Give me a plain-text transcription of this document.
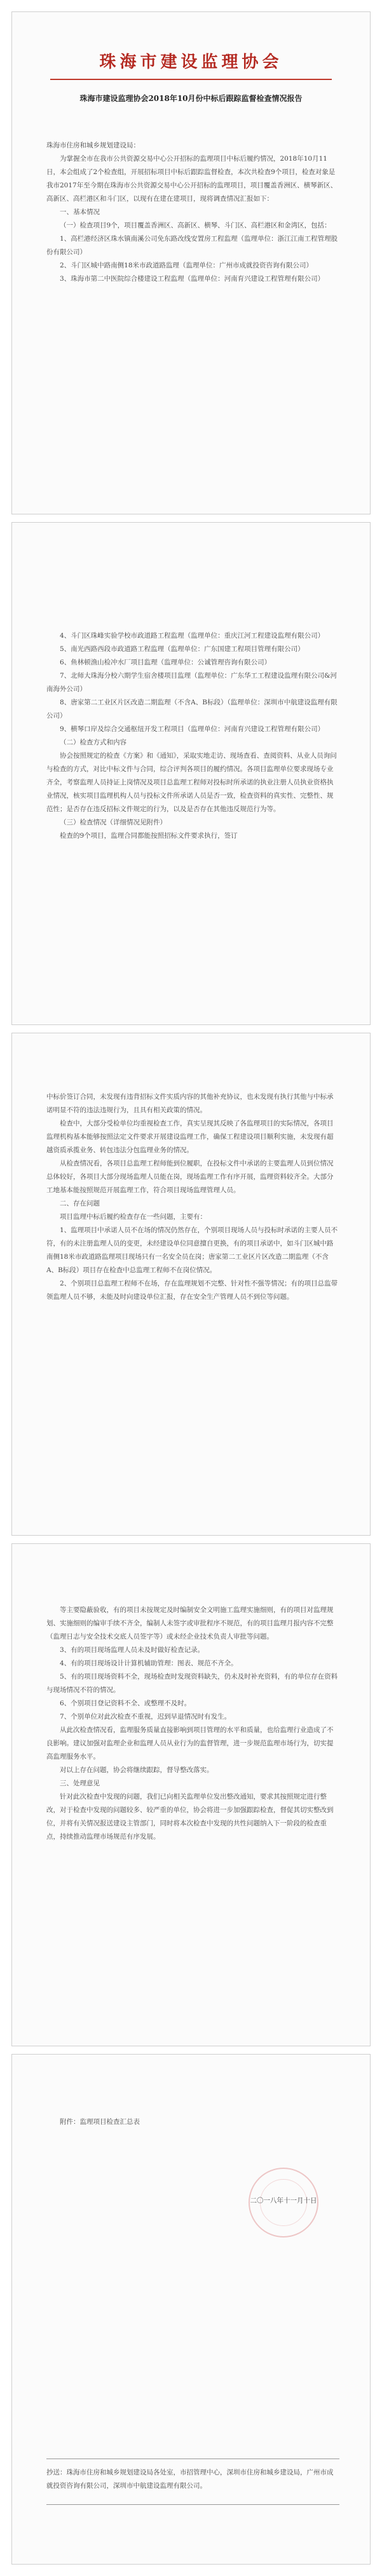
珠海市建设监理协会
珠海市建设监理协会2018年10月份中标后跟踪监督检查情况报告

珠海市住房和城乡规划建设局：

为掌握全市在我市公共资源交易中心公开招标的监理项目中标后履约情况，2018年10月11日，本会组成了2个检查组，开展招标项目中标后跟踪监督检查，本次共检查9个项目，检查对象是我市2017年至今期在珠海市公共资源交易中心公开招标的监理项目，项目覆盖香洲区、横琴新区、高新区、高栏港区和斗门区，以现有在建在建项目，现将调查情况汇报如下：

一、基本情况

（一）检查项目9个，项目覆盖香洲区、高新区、横琴、斗门区、高栏港区和金湾区，包括：

1、高栏港经济区珠水镇南溪公司免东路改线安置房工程监理（监理单位：浙江江南工程管理股份有限公司）

2、斗门区城中路南侧18米市政道路监理（监理单位：广州市成就投资咨询有限公司）

3、珠海市第二中医院综合楼建设工程监理（监理单位：河南育兴建设工程管理有限公司）

4、斗门区珠峰实验学校市政道路工程监理（监理单位：重庆江河工程建设监理有限公司）

5、南光西路西段市政道路工程监理（监理单位：广东国建工程项目管理有限公司）

6、鱼林顿渔山检冲水厂项目监理（监理单位：公诚管理咨询有限公司）

7、北师大珠海分校六期学生宿舍楼项目监理（监理单位：广东华工工程建设监理有限公司&河南海外公司）

8、唐家第二工业区片区改造二期监理（不含A、B标段）（监理单位：深圳市中航建设监理有限公司）

9、横琴口岸及综合交通枢纽开发工程项目（监理单位：河南育兴建设工程管理有限公司）

（二）检查方式和内容

协会按照规定的检查《方案》和《通知》，采取实地走访、现场查看、查阅资料、从业人员询问与检查的方式，对比中标文件与合同，综合评判各项目的履约情况。各项目监理单位要求现场专业齐全，考察监理人员持证上岗情况及项目总监理工程师对投标时所承诺的执业注册人员执业资格执业情况，核实项目监理机构人员与投标文件所承诺人员是否一致，检查资料的真实性、完整性、规范性；是否存在违反招标文件规定的行为，以及是否存在其他违反规范行为等。

（三）检查情况（详细情况见附件）

检查的9个项目，监理合同都能按照招标文件要求执行，签订

中标价签订合同，未发现有违背招标文件实质内容的其他补充协议，也未发现有执行其他与中标承诺明显不符的违法违规行为，且具有相关政策的情况。

检查中，大部分受检单位均重视检查工作，真实呈现其反映了各监理项目的实际情况，各项目监理机构基本能够按照法定文件要求开展建设监理工作，确保工程建设项目顺利实施，未发现有超越资质承揽业务、转包违法分包监理业务的情况。

从检查情况看，各项目总监理工程师能到位履职，在投标文件中承诺的主要监理人员到位情况总体较好，各项目大部分现场监理人员能在岗，现场监理工作有序开展，监理资料较齐全。大部分工地基本能按照规范开展监理工作，符合项目现场监理管理人员。

二、存在问题

项目监理中标后履约检查存在一些问题，主要有：

1、监理项目中承诺人员不在场的情况仍然存在，个别项目现场人员与投标时承诺的主要人员不符，有的未注册监理人员的变更，未经建设单位同意擅自更换，有的项目承诺中，如斗门区城中路南侧18米市政道路监理项目现场只有一名安全员在岗；唐家第二工业区片区改造二期监理（不含A、B标段）项目存在检查中总监理工程师不在岗位情况。

2、个别项目总监理工程师不在场，存在监理规划不完整、针对性不强等情况；有的项目总监带领监理人员不够，未能及时向建设单位汇报，存在安全生产管理人员不到位等问题。

等主要隐蔽验收，有的项目未按规定及时编制安全文明施工监理实施细则，有的项目对监理规划、实施细则的编审手续不齐全，编制人未签字或审批程序不规范，有的项目监理月报内容不完整（监理日志与安全技术交底人员签字等）或未经企业技术负责人审批等问题。

3、有的项目现场监理人员未及时做好检查记录。

4、有的项目现场设计计算机辅助管理：图表、规范不齐全。

5、有的项目现场资料不全，现场检查时发现资料缺失，仍未及时补充资料，有的单位存在资料与现场情况不符的情况。

6、个别项目登记资料不全、或整理不及时。

7、个别单位对此次检查不重视，迟到早退情况时有发生。

从此次检查情况看，监理服务质量直接影响到项目管理的水平和质量，也给监理行业造成了不良影响。建议加强对监理企业和监理人员从业行为的监督管理，进一步规范监理市场行为，切实提高监理服务水平。

对以上存在问题，协会将继续跟踪，督导整改落实。

三、处理意见

针对此次检查中发现的问题，我们已向相关监理单位发出整改通知，要求其按照规定进行整改，对于检查中发现的问题较多、较严重的单位，协会将进一步加强跟踪检查，督促其切实整改到位，并将有关情况报送建设主管部门，同时将本次检查中发现的共性问题纳入下一阶段的检查重点，持续推动监理市场规范有序发展。

附件：监理项目检查汇总表

二〇一八年十一月十日

抄送：珠海市住房和城乡规划建设局各处室，市招管理中心，深圳市住房和城乡建设局，广州市成就投资咨询有限公司，深圳市中航建设监理有限公司。
